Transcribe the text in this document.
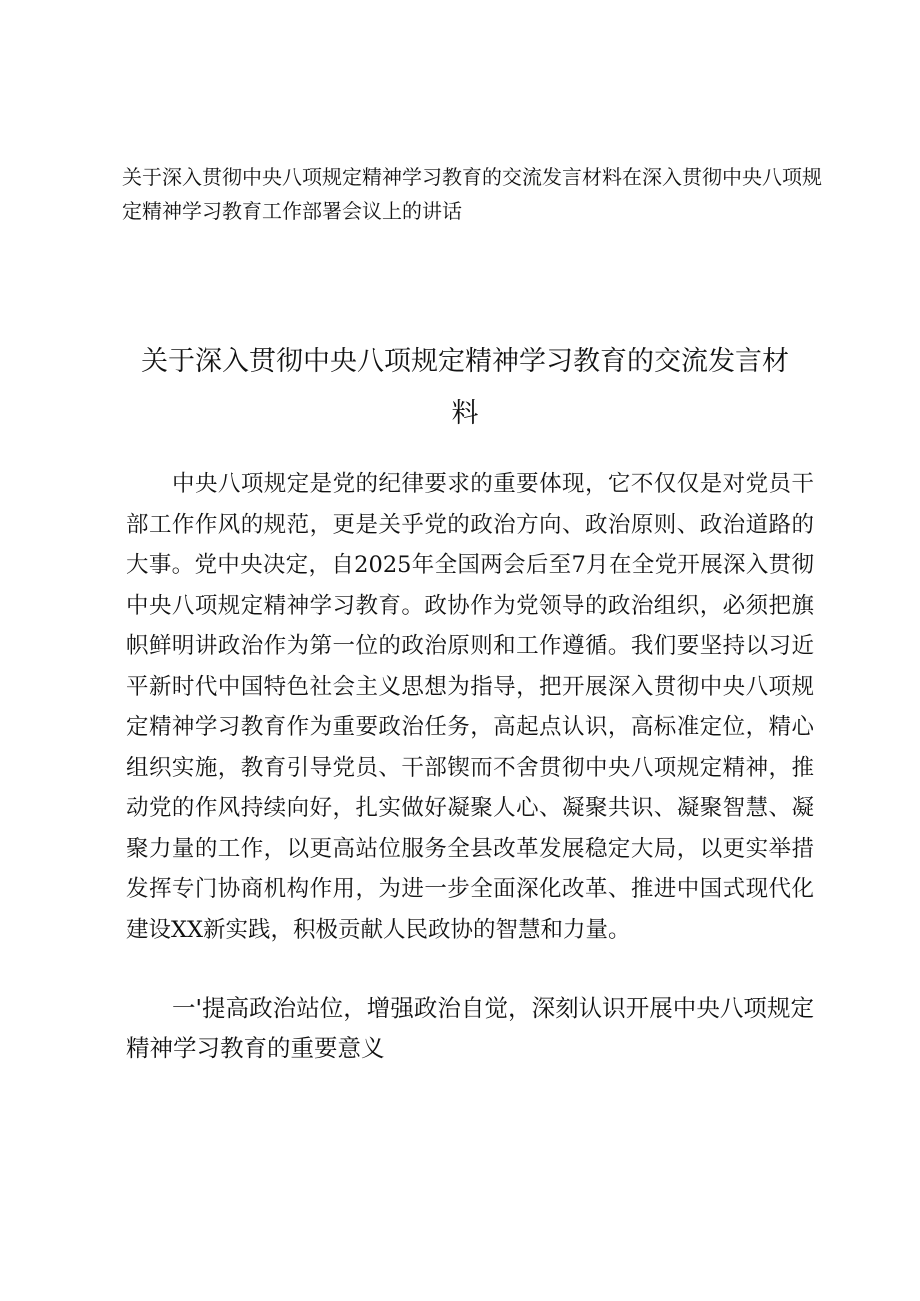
关于深入贯彻中央八项规定精神学习教育的交流发言材料在深入贯彻中央八项规定精神学习教育工作部署会议上的讲话
关于深入贯彻中央八项规定精神学习教育的交流发言材料
中央八项规定是党的纪律要求的重要体现，它不仅仅是对党员干部工作作风的规范，更是关乎党的政治方向、政治原则、政治道路的大事。党中央决定，自2025年全国两会后至7月在全党开展深入贯彻中央八项规定精神学习教育。政协作为党领导的政治组织，必须把旗帜鲜明讲政治作为第一位的政治原则和工作遵循。我们要坚持以习近平新时代中国特色社会主义思想为指导，把开展深入贯彻中央八项规定精神学习教育作为重要政治任务，高起点认识，高标准定位，精心组织实施，教育引导党员、干部锲而不舍贯彻中央八项规定精神，推动党的作风持续向好，扎实做好凝聚人心、凝聚共识、凝聚智慧、凝聚力量的工作，以更高站位服务全县改革发展稳定大局，以更实举措发挥专门协商机构作用，为进一步全面深化改革、推进中国式现代化建设XX新实践，积极贡献人民政协的智慧和力量。
一'提高政治站位，增强政治自觉，深刻认识开展中央八项规定精神学习教育的重要意义
